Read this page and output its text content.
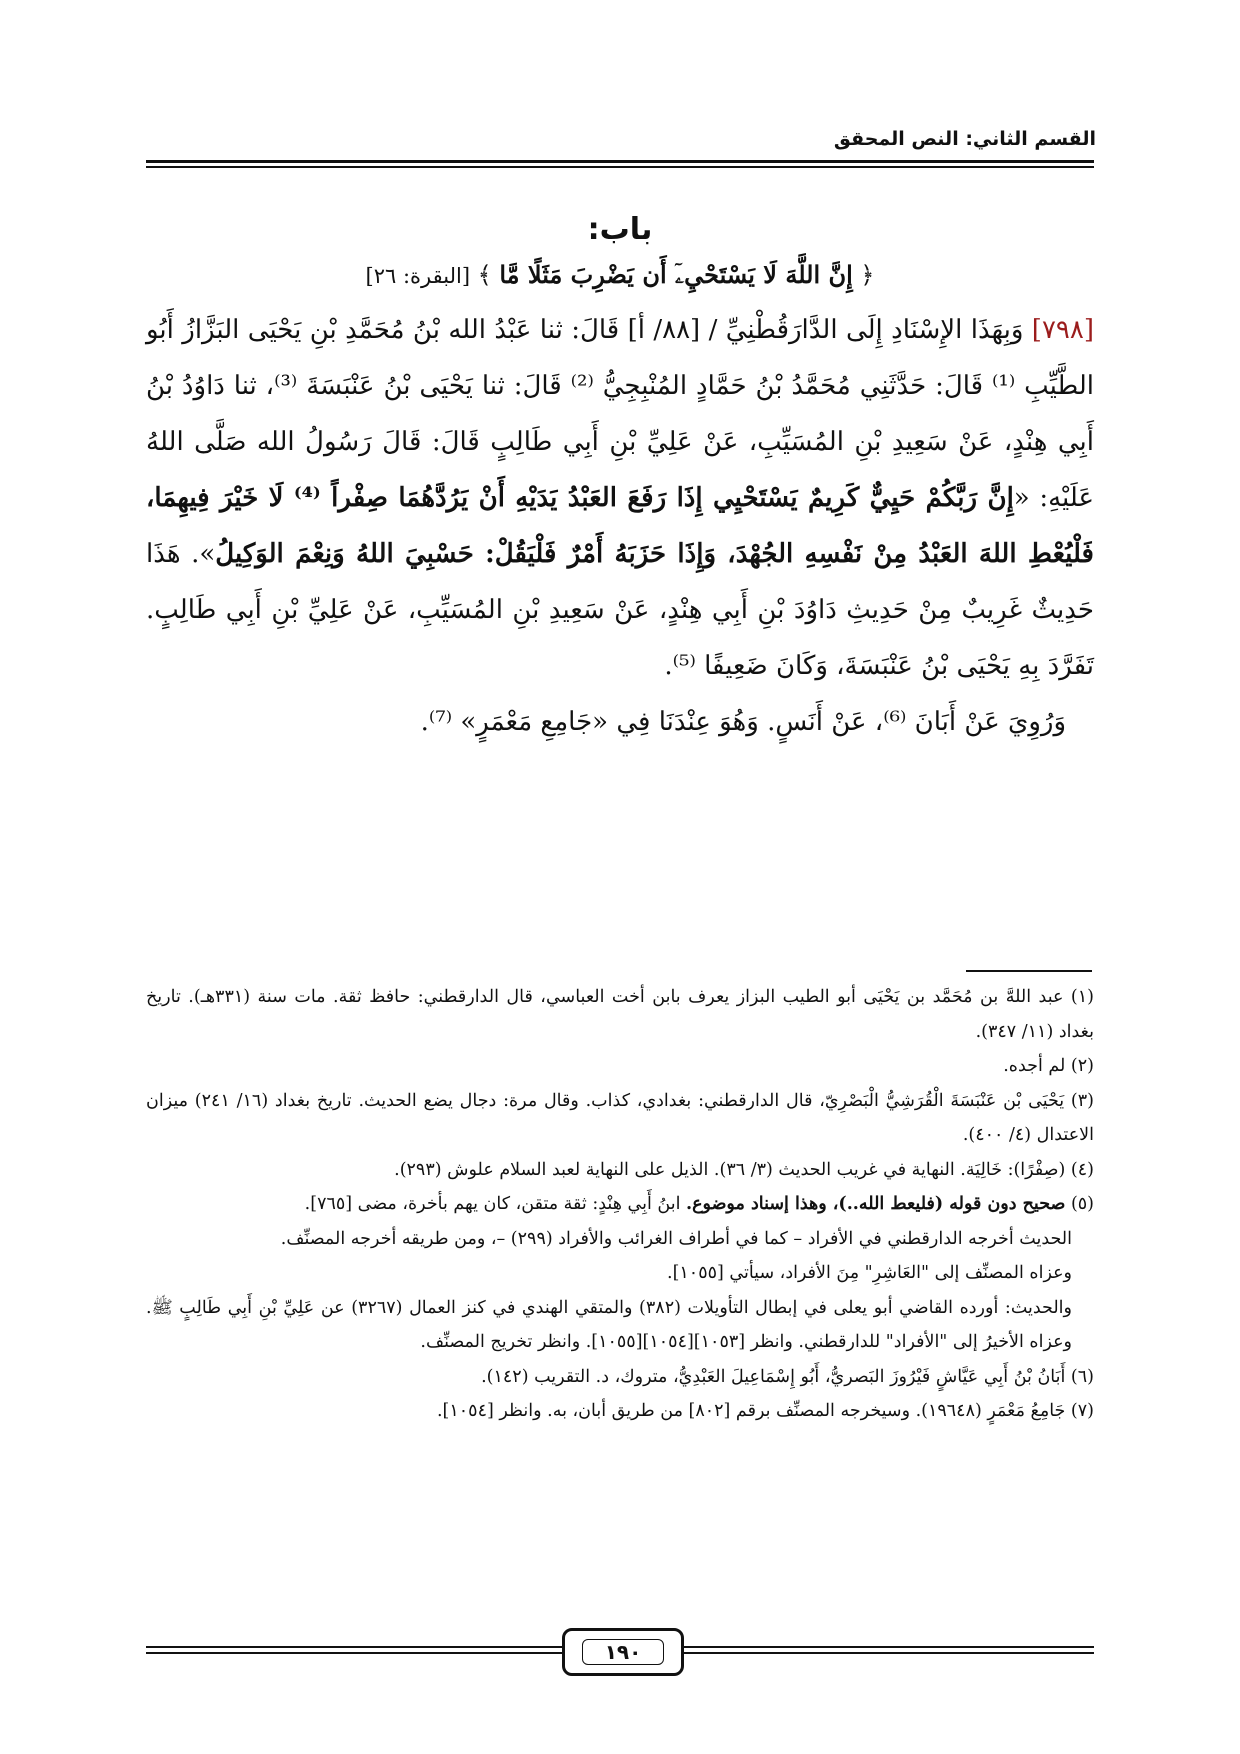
القسم الثاني: النص المحقق
باب:
﴿ إِنَّ اللَّهَ لَا يَسْتَحْيِۦٓ أَن يَضْرِبَ مَثَلًا مَّا ﴾ [البقرة: ٢٦]

[٧٩٨] وَبِهَذَا الإِسْنَادِ إِلَى الدَّارَقُطْنِيِّ / [٨٨/ أ] قَالَ: ثنا عَبْدُ الله بْنُ مُحَمَّدِ بْنِ يَحْيَى البَزَّازُ أَبُو الطَّيِّبِ ⁽¹⁾ قَالَ: حَدَّثَنِي مُحَمَّدُ بْنُ حَمَّادٍ المُنْبِجِيُّ ⁽²⁾ قَالَ: ثنا يَحْيَى بْنُ عَنْبَسَةَ ⁽³⁾، ثنا دَاوُدُ بْنُ أَبِي هِنْدٍ، عَنْ سَعِيدِ بْنِ المُسَيِّبِ، عَنْ عَلِيِّ بْنِ أَبِي طَالِبٍ قَالَ: قَالَ رَسُولُ الله صَلَّى اللهُ عَلَيْهِ: «إِنَّ رَبَّكُمْ حَيِيٌّ كَرِيمٌ يَسْتَحْيِي إِذَا رَفَعَ العَبْدُ يَدَيْهِ أَنْ يَرُدَّهُمَا صِفْراً ⁽⁴⁾ لَا خَيْرَ فِيهِمَا، فَلْيُعْطِ اللهَ العَبْدُ مِنْ نَفْسِهِ الجُهْدَ، وَإِذَا حَزَبَهُ أَمْرٌ فَلْيَقُلْ: حَسْبِيَ اللهُ وَنِعْمَ الوَكِيلُ». هَذَا حَدِيثٌ غَرِيبٌ مِنْ حَدِيثِ دَاوُدَ بْنِ أَبِي هِنْدٍ، عَنْ سَعِيدِ بْنِ المُسَيِّبِ، عَنْ عَلِيِّ بْنِ أَبِي طَالِبٍ. تَفَرَّدَ بِهِ يَحْيَى بْنُ عَنْبَسَةَ، وَكَانَ ضَعِيفًا ⁽⁵⁾.

وَرُوِيَ عَنْ أَبَانَ ⁽⁶⁾، عَنْ أَنَسٍ. وَهُوَ عِنْدَنَا فِي «جَامِعِ مَعْمَرٍ» ⁽⁷⁾.

(١) عبد اللهَّ بن مُحَمَّد بن يَحْيَى أبو الطيب البزاز يعرف بابن أخت العباسي، قال الدارقطني: حافظ ثقة. مات سنة (٣٣١هـ). تاريخ بغداد (١١/ ٣٤٧).

(٢) لم أجده.

(٣) يَحْيَى بْن عَنْبَسَةَ الْقُرَشِيُّ الْبَصْرِيّ، قال الدارقطني: بغدادي، كذاب. وقال مرة: دجال يضع الحديث. تاريخ بغداد (١٦/ ٢٤١) ميزان الاعتدال (٤/ ٤٠٠).

(٤) (صِفْرًا): خَالِيَة. النهاية في غريب الحديث (٣/ ٣٦). الذيل على النهاية لعبد السلام علوش (٢٩٣).

(٥) صحيح دون قوله (فليعط الله..)، وهذا إسناد موضوع. ابنُ أَبِي هِنْدٍ: ثقة متقن، كان يهم بأخرة، مضى [٧٦٥].

الحديث أخرجه الدارقطني في الأفراد – كما في أطراف الغرائب والأفراد (٢٩٩) –، ومن طريقه أخرجه المصنِّف.

وعزاه المصنِّف إلى "العَاشِرِ" مِنَ الأفراد، سيأتي [١٠٥٥].

والحديث: أورده القاضي أبو يعلى في إبطال التأويلات (٣٨٢) والمتقي الهندي في كنز العمال (٣٢٦٧) عن عَلِيِّ بْنِ أَبِي طَالِبٍ ﷺ. وعزاه الأخيرُ إلى "الأفراد" للدارقطني. وانظر [١٠٥٣][١٠٥٤][١٠٥٥]. وانظر تخريج المصنِّف.

(٦) أَبَانُ بْنُ أَبِي عَيَّاشٍ فَيْرُوزَ البَصريُّ، أَبُو إِسْمَاعِيلَ العَبْدِيُّ، متروك، د. التقريب (١٤٢).

(٧) جَامِعُ مَعْمَرٍ (١٩٦٤٨). وسيخرجه المصنِّف برقم [٨٠٢] من طريق أبان، به. وانظر [١٠٥٤].

١٩٠
